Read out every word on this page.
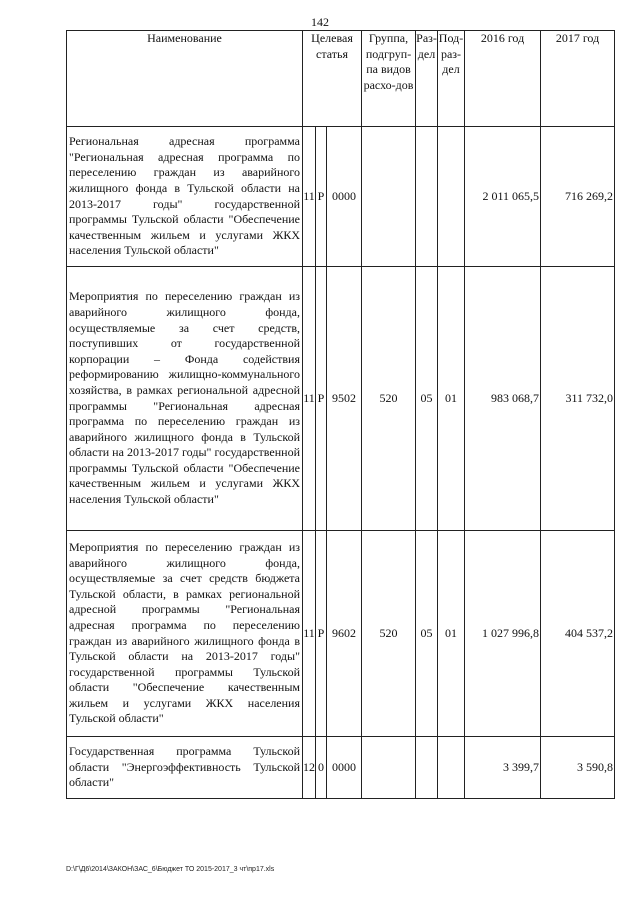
142
Наименование	Целевая статья			Группа, подгруп-па видов расхо-дов	Раз-дел	Под-раз-дел	2016 год	2017 год
Региональная адресная программа "Региональная адресная программа по переселению граждан из аварийного жилищного фонда в Тульской области на 2013-2017 годы" государственной программы Тульской области "Обеспечение качественным жильем и услугами ЖКХ населения Тульской области"	11	Р	0000				2 011 065,5	716 269,2
Мероприятия по переселению граждан из аварийного жилищного фонда, осуществляемые за счет средств, поступивших от государственной корпорации – Фонда содействия реформированию жилищно-коммунального хозяйства, в рамках региональной адресной программы "Региональная адресная программа по переселению граждан из аварийного жилищного фонда в Тульской области на 2013-2017 годы" государственной программы Тульской области "Обеспечение качественным жильем и услугами ЖКХ населения Тульской области"	11	Р	9502	520	05	01	983 068,7	311 732,0
Мероприятия по переселению граждан из аварийного жилищного фонда, осуществляемые за счет средств бюджета Тульской области, в рамках региональной адресной программы "Региональная адресная программа по переселению граждан из аварийного жилищного фонда в Тульской области на 2013-2017 годы" государственной программы Тульской области "Обеспечение качественным жильем и услугами ЖКХ населения Тульской области"	11	Р	9602	520	05	01	1 027 996,8	404 537,2
Государственная программа Тульской области "Энергоэффективность Тульской области"	12	0	0000				3 399,7	3 590,8
D:\Г\Д6\2014\ЗАКОН\ЗАС_6\Бюджет ТО 2015-2017_3 чт\пр17.xls
